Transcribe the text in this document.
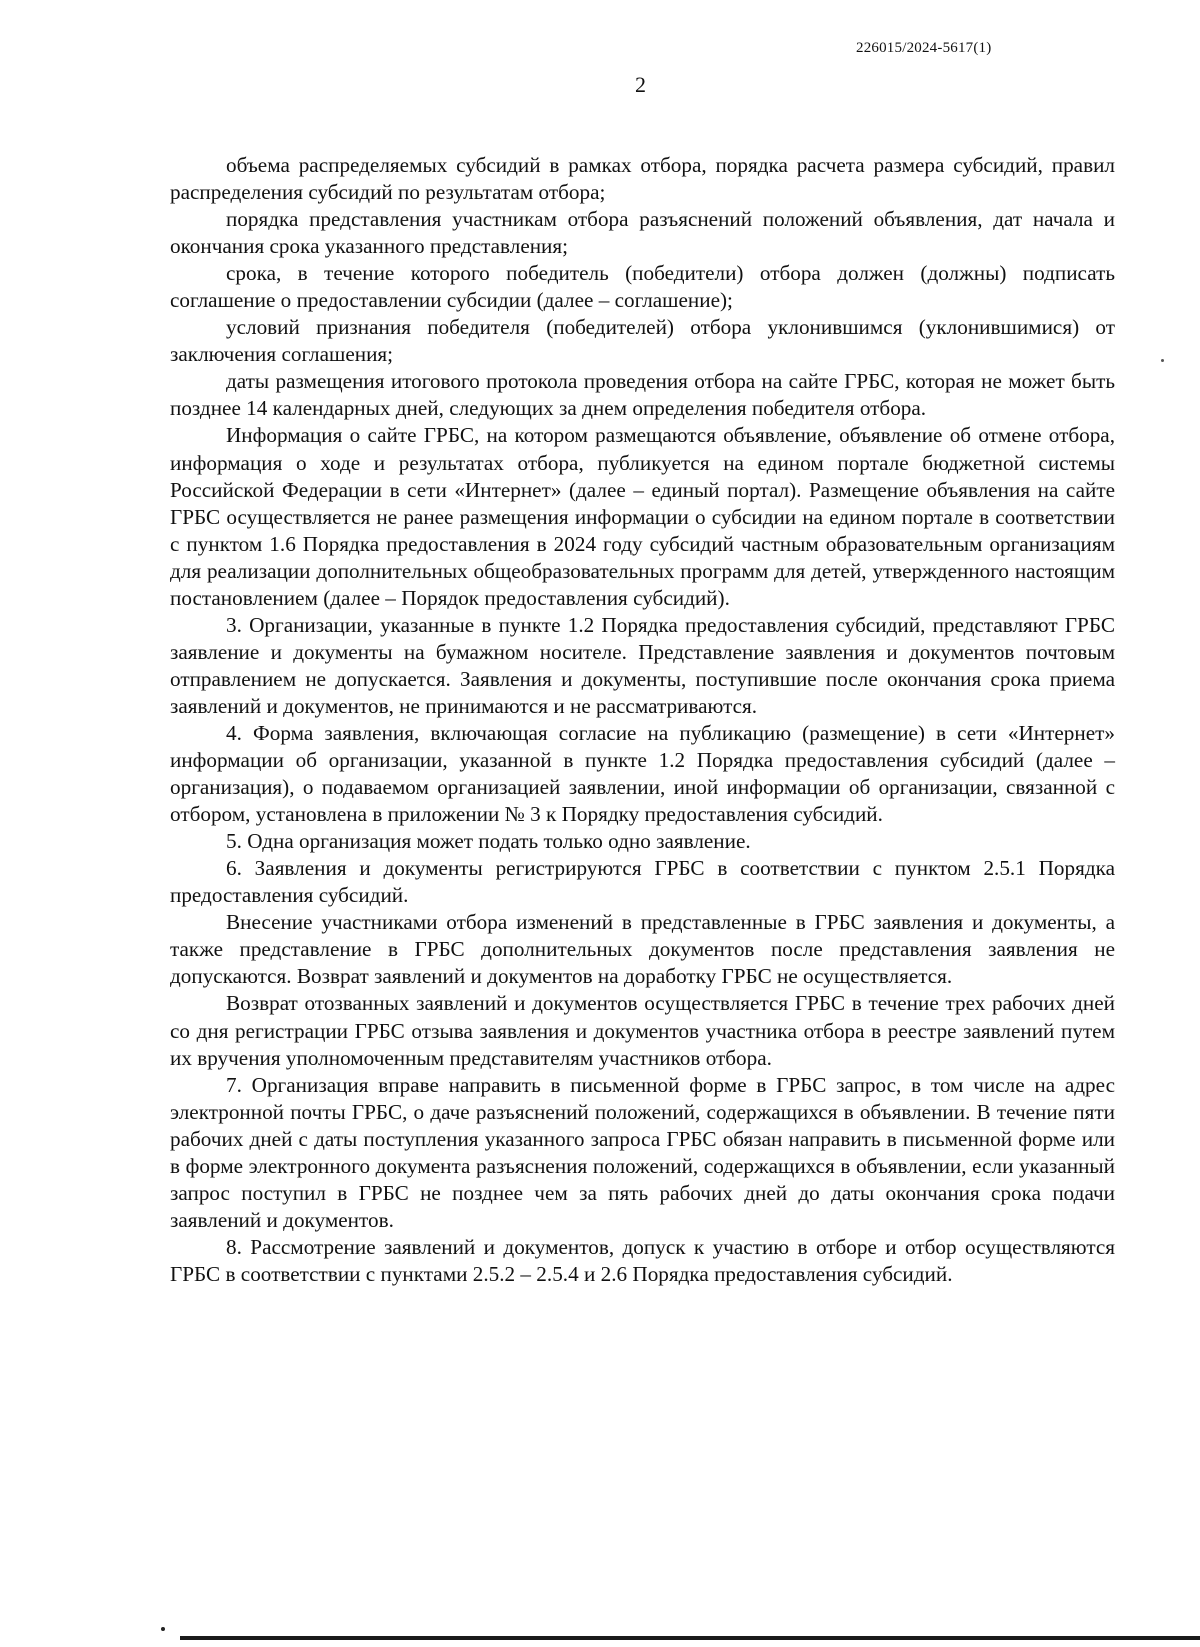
226015/2024-5617(1)
2

объема распределяемых субсидий в рамках отбора, порядка расчета размера субсидий, правил распределения субсидий по результатам отбора;

порядка представления участникам отбора разъяснений положений объявления, дат начала и окончания срока указанного представления;

срока, в течение которого победитель (победители) отбора должен (должны) подписать соглашение о предоставлении субсидии (далее – соглашение);

условий признания победителя (победителей) отбора уклонившимся (уклонившимися) от заключения соглашения;

даты размещения итогового протокола проведения отбора на сайте ГРБС, которая не может быть позднее 14 календарных дней, следующих за днем определения победителя отбора.

Информация о сайте ГРБС, на котором размещаются объявление, объявление об отмене отбора, информация о ходе и результатах отбора, публикуется на едином портале бюджетной системы Российской Федерации в сети «Интернет» (далее – единый портал). Размещение объявления на сайте ГРБС осуществляется не ранее размещения информации о субсидии на едином портале в соответствии с пунктом 1.6 Порядка предоставления в 2024 году субсидий частным образовательным организациям для реализации дополнительных общеобразовательных программ для детей, утвержденного настоящим постановлением (далее – Порядок предоставления субсидий).

3. Организации, указанные в пункте 1.2 Порядка предоставления субсидий, представляют ГРБС заявление и документы на бумажном носителе. Представление заявления и документов почтовым отправлением не допускается. Заявления и документы, поступившие после окончания срока приема заявлений и документов, не принимаются и не рассматриваются.

4. Форма заявления, включающая согласие на публикацию (размещение) в сети «Интернет» информации об организации, указанной в пункте 1.2 Порядка предоставления субсидий (далее – организация), о подаваемом организацией заявлении, иной информации об организации, связанной с отбором, установлена в приложении № 3 к Порядку предоставления субсидий.

5. Одна организация может подать только одно заявление.

6. Заявления и документы регистрируются ГРБС в соответствии с пунктом 2.5.1 Порядка предоставления субсидий.

Внесение участниками отбора изменений в представленные в ГРБС заявления и документы, а также представление в ГРБС дополнительных документов после представления заявления не допускаются. Возврат заявлений и документов на доработку ГРБС не осуществляется.

Возврат отозванных заявлений и документов осуществляется ГРБС в течение трех рабочих дней со дня регистрации ГРБС отзыва заявления и документов участника отбора в реестре заявлений путем их вручения уполномоченным представителям участников отбора.

7. Организация вправе направить в письменной форме в ГРБС запрос, в том числе на адрес электронной почты ГРБС, о даче разъяснений положений, содержащихся в объявлении. В течение пяти рабочих дней с даты поступления указанного запроса ГРБС обязан направить в письменной форме или в форме электронного документа разъяснения положений, содержащихся в объявлении, если указанный запрос поступил в ГРБС не позднее чем за пять рабочих дней до даты окончания срока подачи заявлений и документов.

8. Рассмотрение заявлений и документов, допуск к участию в отборе и отбор осуществляются ГРБС в соответствии с пунктами 2.5.2 – 2.5.4 и 2.6 Порядка предоставления субсидий.
